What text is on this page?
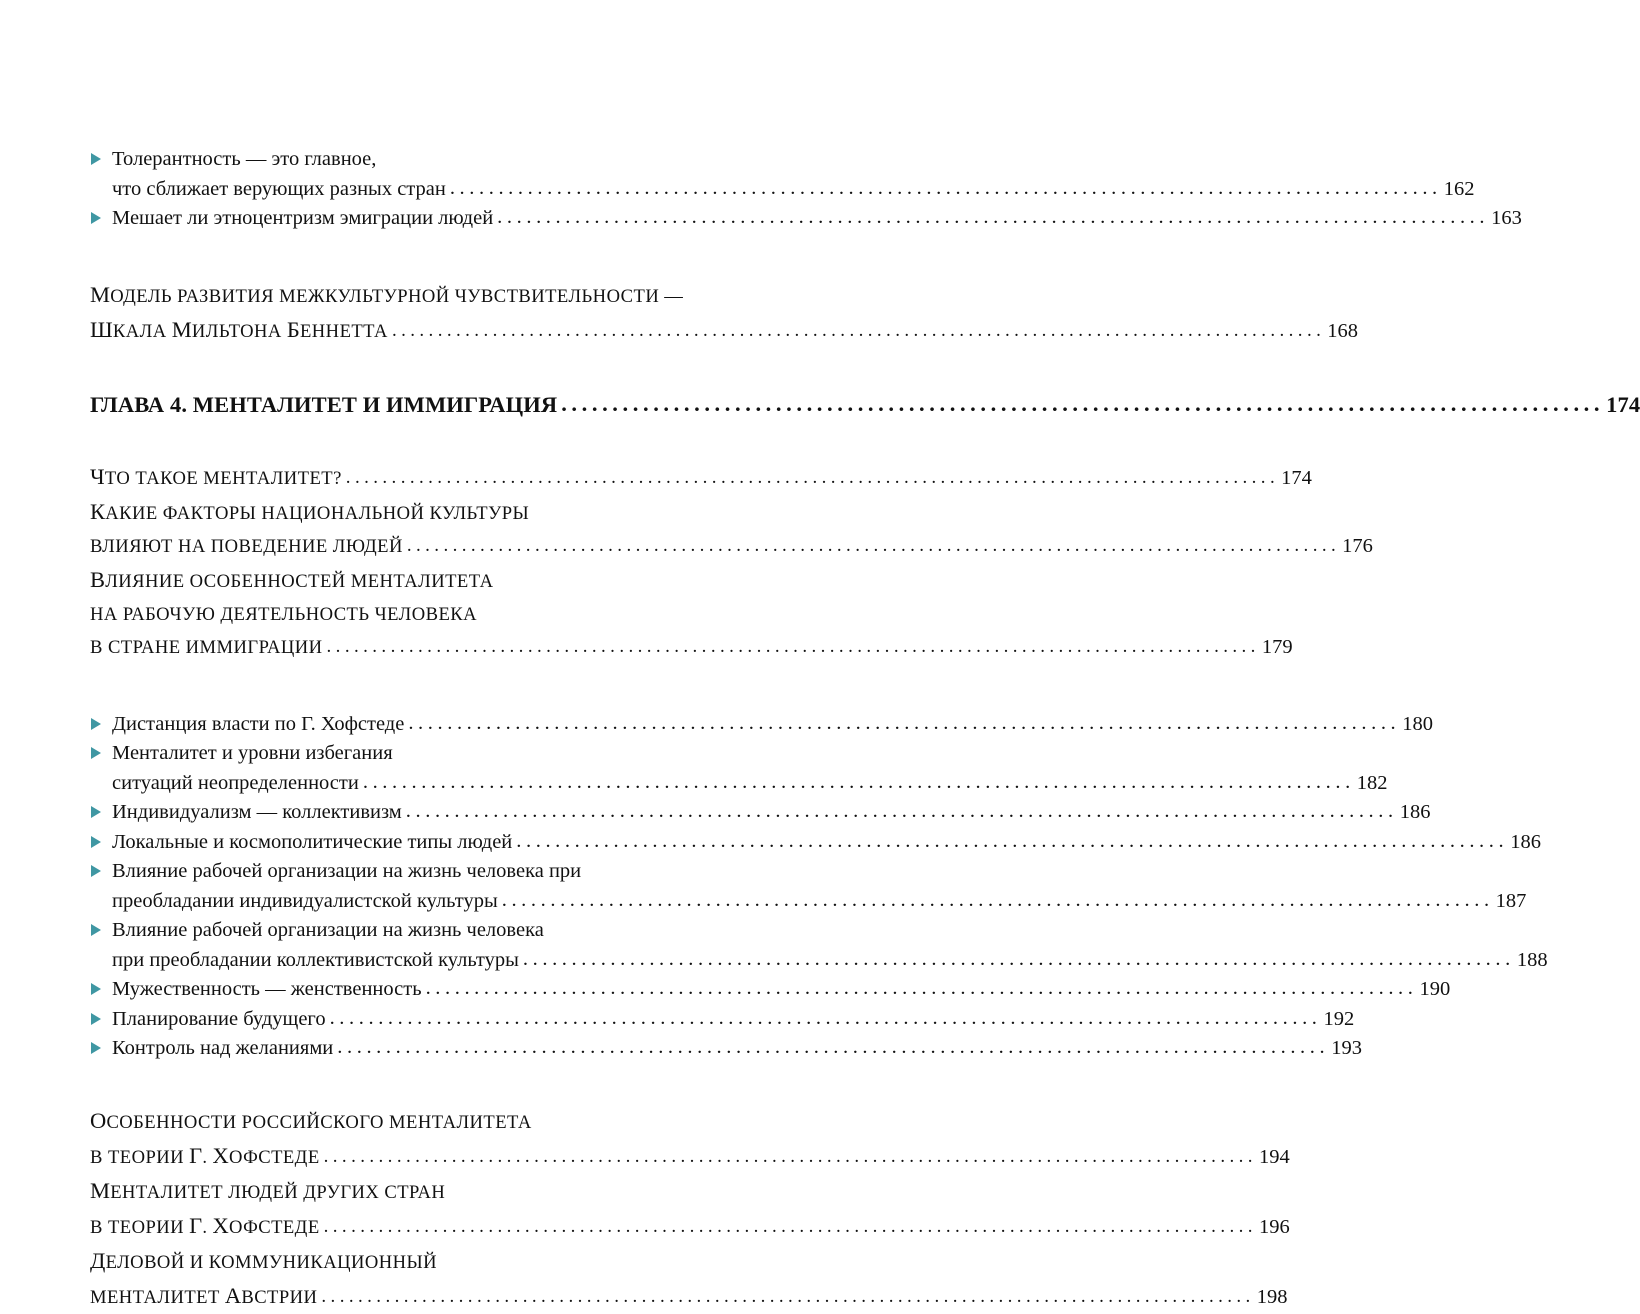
Толерантность — это главное,
что сближает верующих разных стран .....	162
Мешает ли этноцентризм эмиграции людей .....	163
МОДЕЛЬ РАЗВИТИЯ МЕЖКУЛЬТУРНОЙ ЧУВСТВИТЕЛЬНОСТИ —
ШКАЛА МИЛЬТОНА БЕННЕТТА .....	168
ГЛАВА 4. МЕНТАЛИТЕТ И ИММИГРАЦИЯ .....	174
ЧТО ТАКОЕ МЕНТАЛИТЕТ? .....	174
КАКИЕ ФАКТОРЫ НАЦИОНАЛЬНОЙ КУЛЬТУРЫ
ВЛИЯЮТ НА ПОВЕДЕНИЕ ЛЮДЕЙ .....	176
ВЛИЯНИЕ ОСОБЕННОСТЕЙ МЕНТАЛИТЕТА
НА РАБОЧУЮ ДЕЯТЕЛЬНОСТЬ ЧЕЛОВЕКА
В СТРАНЕ ИММИГРАЦИИ .....	179
Дистанция власти по Г. Хофстеде .....	180
Менталитет и уровни избегания
ситуаций неопределенности .....	182
Индивидуализм — коллективизм .....	186
Локальные и космополитические типы людей .....	186
Влияние рабочей организации на жизнь человека при
преобладании индивидуалистской культуры .....	187
Влияние рабочей организации на жизнь человека
при преобладании коллективистской культуры .....	188
Мужественность — женственность .....	190
Планирование будущего .....	192
Контроль над желаниями .....	193
ОСОБЕННОСТИ РОССИЙСКОГО МЕНТАЛИТЕТА
В ТЕОРИИ Г. ХОФСТЕДЕ .....	194
МЕНТАЛИТЕТ ЛЮДЕЙ ДРУГИХ СТРАН
В ТЕОРИИ Г. ХОФСТЕДЕ .....	196
ДЕЛОВОЙ И КОММУНИКАЦИОННЫЙ
МЕНТАЛИТЕТ АВСТРИИ .....	198
